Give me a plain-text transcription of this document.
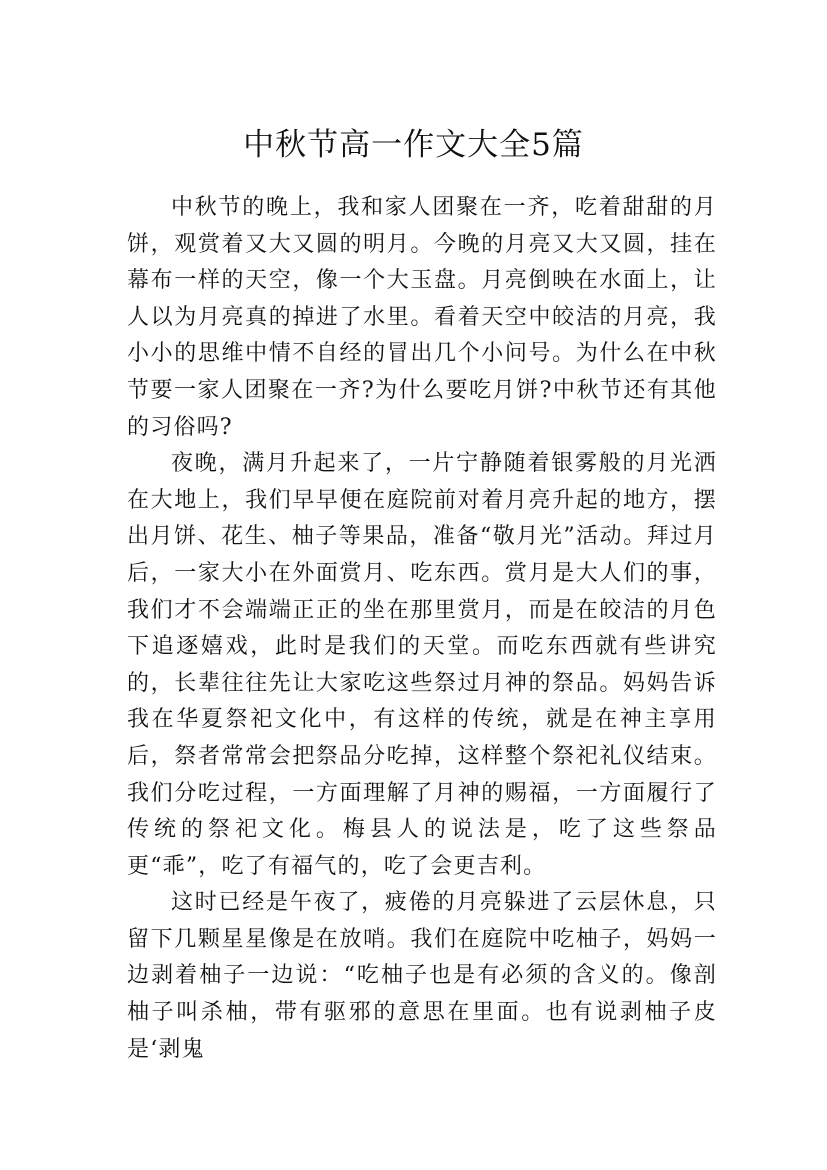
中秋节高一作文大全5篇

中秋节的晚上，我和家人团聚在一齐，吃着甜甜的月饼，观赏着又大又圆的明月。今晚的月亮又大又圆，挂在幕布一样的天空，像一个大玉盘。月亮倒映在水面上，让人以为月亮真的掉进了水里。看着天空中皎洁的月亮，我小小的思维中情不自经的冒出几个小问号。为什么在中秋节要一家人团聚在一齐?为什么要吃月饼?中秋节还有其他的习俗吗?

夜晚，满月升起来了，一片宁静随着银雾般的月光洒在大地上，我们早早便在庭院前对着月亮升起的地方，摆出月饼、花生、柚子等果品，准备“敬月光”活动。拜过月后，一家大小在外面赏月、吃东西。赏月是大人们的事，我们才不会端端正正的坐在那里赏月，而是在皎洁的月色下追逐嬉戏，此时是我们的天堂。而吃东西就有些讲究的，长辈往往先让大家吃这些祭过月神的祭品。妈妈告诉我在华夏祭祀文化中，有这样的传统，就是在神主享用后，祭者常常会把祭品分吃掉，这样整个祭祀礼仪结束。我们分吃过程，一方面理解了月神的赐福，一方面履行了传统的祭祀文化。梅县人的说法是，吃了这些祭品更“乖”，吃了有福气的，吃了会更吉利。

这时已经是午夜了，疲倦的月亮躲进了云层休息，只留下几颗星星像是在放哨。我们在庭院中吃柚子，妈妈一边剥着柚子一边说：“吃柚子也是有必须的含义的。像剖柚子叫杀柚，带有驱邪的意思在里面。也有说剥柚子皮是‘剥鬼
